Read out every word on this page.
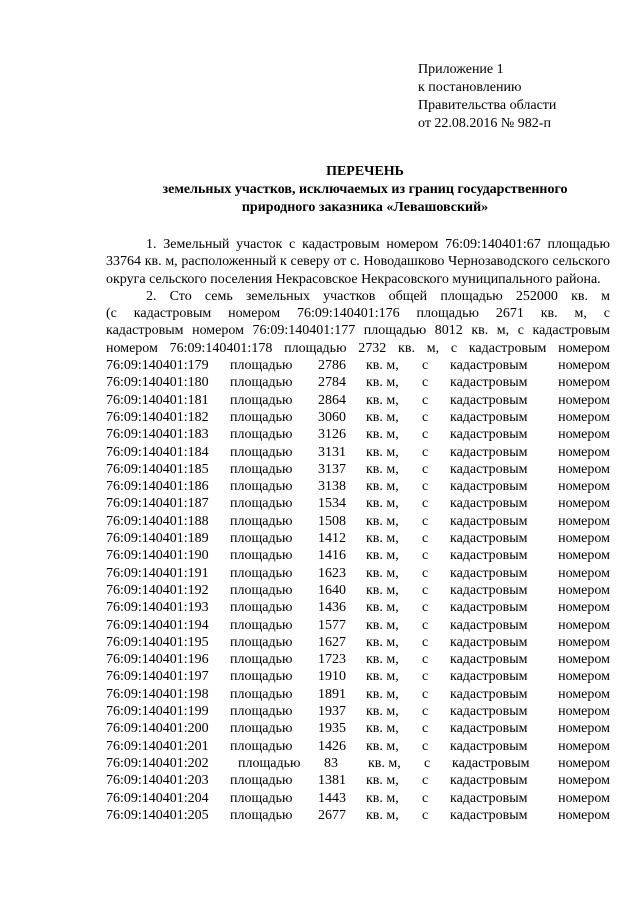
Приложение 1
к постановлению
Правительства области
от 22.08.2016 № 982-п
ПЕРЕЧЕНЬ
земельных участков, исключаемых из границ государственного
природного заказника «Левашовский»

1. Земельный участок с кадастровым номером 76:09:140401:67 площадью 33764 кв. м, расположенный к северу от с. Новодашково Чернозаводского сельского округа сельского поселения Некрасовское Некрасовского муниципального района.

2. Сто семь земельных участков общей площадью 252000 кв. м

(с кадастровым номером 76:09:140401:176 площадью 2671 кв. м, с

кадастровым номером 76:09:140401:177 площадью 8012 кв. м, с кадастровым

номером 76:09:140401:178 площадью 2732 кв. м, с кадастровым номером

76:09:140401:179	площадью	2786	кв. м,	с	кадастровым	номером
76:09:140401:180	площадью	2784	кв. м,	с	кадастровым	номером
76:09:140401:181	площадью	2864	кв. м,	с	кадастровым	номером
76:09:140401:182	площадью	3060	кв. м,	с	кадастровым	номером
76:09:140401:183	площадью	3126	кв. м,	с	кадастровым	номером
76:09:140401:184	площадью	3131	кв. м,	с	кадастровым	номером
76:09:140401:185	площадью	3137	кв. м,	с	кадастровым	номером
76:09:140401:186	площадью	3138	кв. м,	с	кадастровым	номером
76:09:140401:187	площадью	1534	кв. м,	с	кадастровым	номером
76:09:140401:188	площадью	1508	кв. м,	с	кадастровым	номером
76:09:140401:189	площадью	1412	кв. м,	с	кадастровым	номером
76:09:140401:190	площадью	1416	кв. м,	с	кадастровым	номером
76:09:140401:191	площадью	1623	кв. м,	с	кадастровым	номером
76:09:140401:192	площадью	1640	кв. м,	с	кадастровым	номером
76:09:140401:193	площадью	1436	кв. м,	с	кадастровым	номером
76:09:140401:194	площадью	1577	кв. м,	с	кадастровым	номером
76:09:140401:195	площадью	1627	кв. м,	с	кадастровым	номером
76:09:140401:196	площадью	1723	кв. м,	с	кадастровым	номером
76:09:140401:197	площадью	1910	кв. м,	с	кадастровым	номером
76:09:140401:198	площадью	1891	кв. м,	с	кадастровым	номером
76:09:140401:199	площадью	1937	кв. м,	с	кадастровым	номером
76:09:140401:200	площадью	1935	кв. м,	с	кадастровым	номером
76:09:140401:201	площадью	1426	кв. м,	с	кадастровым	номером
76:09:140401:202	площадью	83	кв. м,	с	кадастровым	номером
76:09:140401:203	площадью	1381	кв. м,	с	кадастровым	номером
76:09:140401:204	площадью	1443	кв. м,	с	кадастровым	номером
76:09:140401:205	площадью	2677	кв. м,	с	кадастровым	номером
